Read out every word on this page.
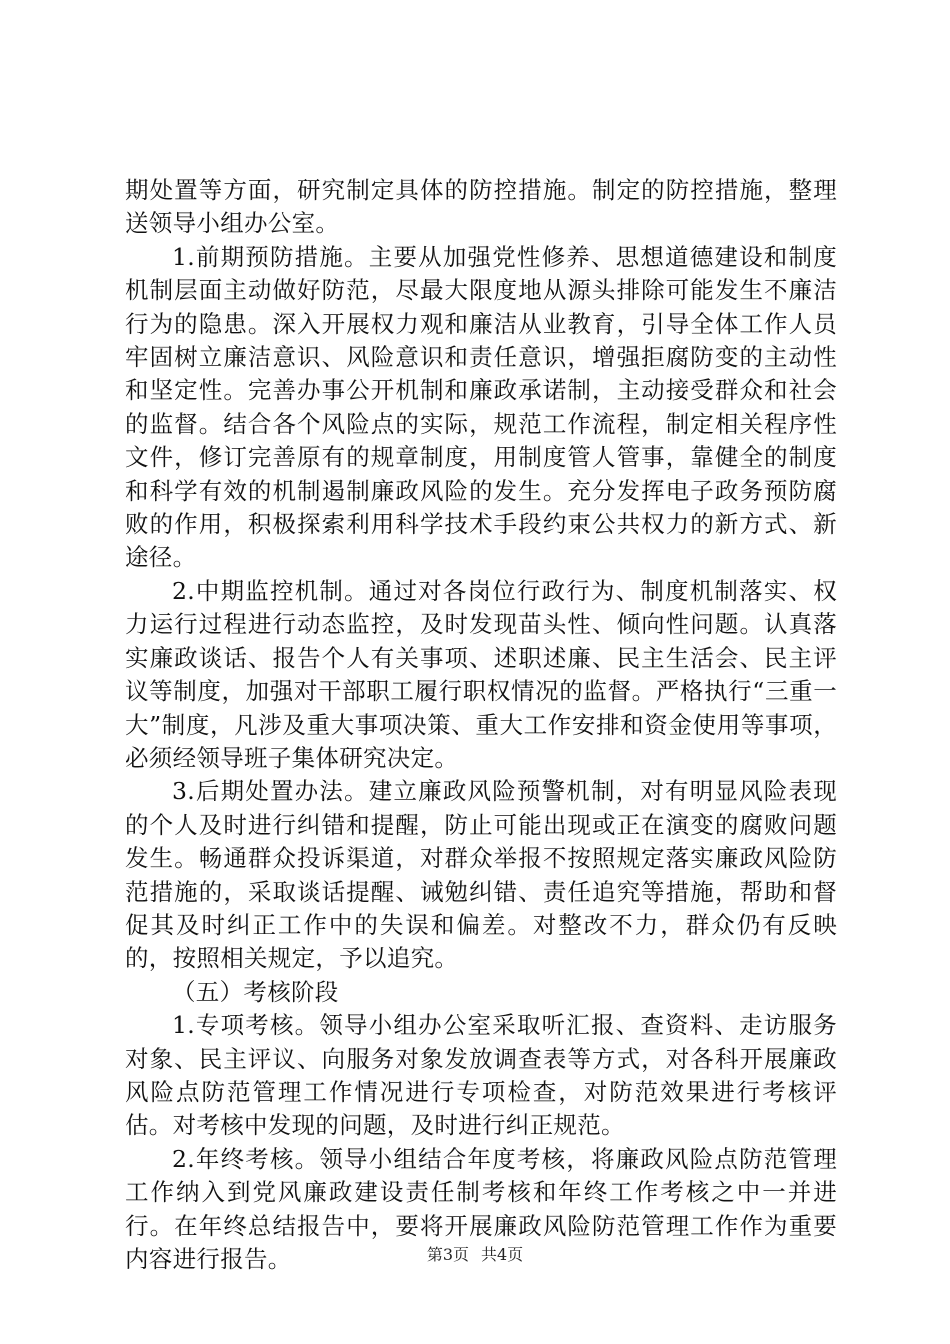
期处置等方面，研究制定具体的防控措施。制定的防控措施，整理送领导小组办公室。

1.前期预防措施。主要从加强党性修养、思想道德建设和制度机制层面主动做好防范，尽最大限度地从源头排除可能发生不廉洁行为的隐患。深入开展权力观和廉洁从业教育，引导全体工作人员牢固树立廉洁意识、风险意识和责任意识，增强拒腐防变的主动性和坚定性。完善办事公开机制和廉政承诺制，主动接受群众和社会的监督。结合各个风险点的实际，规范工作流程，制定相关程序性文件，修订完善原有的规章制度，用制度管人管事，靠健全的制度和科学有效的机制遏制廉政风险的发生。充分发挥电子政务预防腐败的作用，积极探索利用科学技术手段约束公共权力的新方式、新途径。

2.中期监控机制。通过对各岗位行政行为、制度机制落实、权力运行过程进行动态监控，及时发现苗头性、倾向性问题。认真落实廉政谈话、报告个人有关事项、述职述廉、民主生活会、民主评议等制度，加强对干部职工履行职权情况的监督。严格执行“三重一大”制度，凡涉及重大事项决策、重大工作安排和资金使用等事项，必须经领导班子集体研究决定。

3.后期处置办法。建立廉政风险预警机制，对有明显风险表现的个人及时进行纠错和提醒，防止可能出现或正在演变的腐败问题发生。畅通群众投诉渠道，对群众举报不按照规定落实廉政风险防范措施的，采取谈话提醒、诫勉纠错、责任追究等措施，帮助和督促其及时纠正工作中的失误和偏差。对整改不力，群众仍有反映的，按照相关规定，予以追究。

（五）考核阶段

1.专项考核。领导小组办公室采取听汇报、查资料、走访服务对象、民主评议、向服务对象发放调查表等方式，对各科开展廉政风险点防范管理工作情况进行专项检查，对防范效果进行考核评估。对考核中发现的问题，及时进行纠正规范。

2.年终考核。领导小组结合年度考核，将廉政风险点防范管理工作纳入到党风廉政建设责任制考核和年终工作考核之中一并进行。在年终总结报告中，要将开展廉政风险防范管理工作作为重要内容进行报告。	第3页 共4页
